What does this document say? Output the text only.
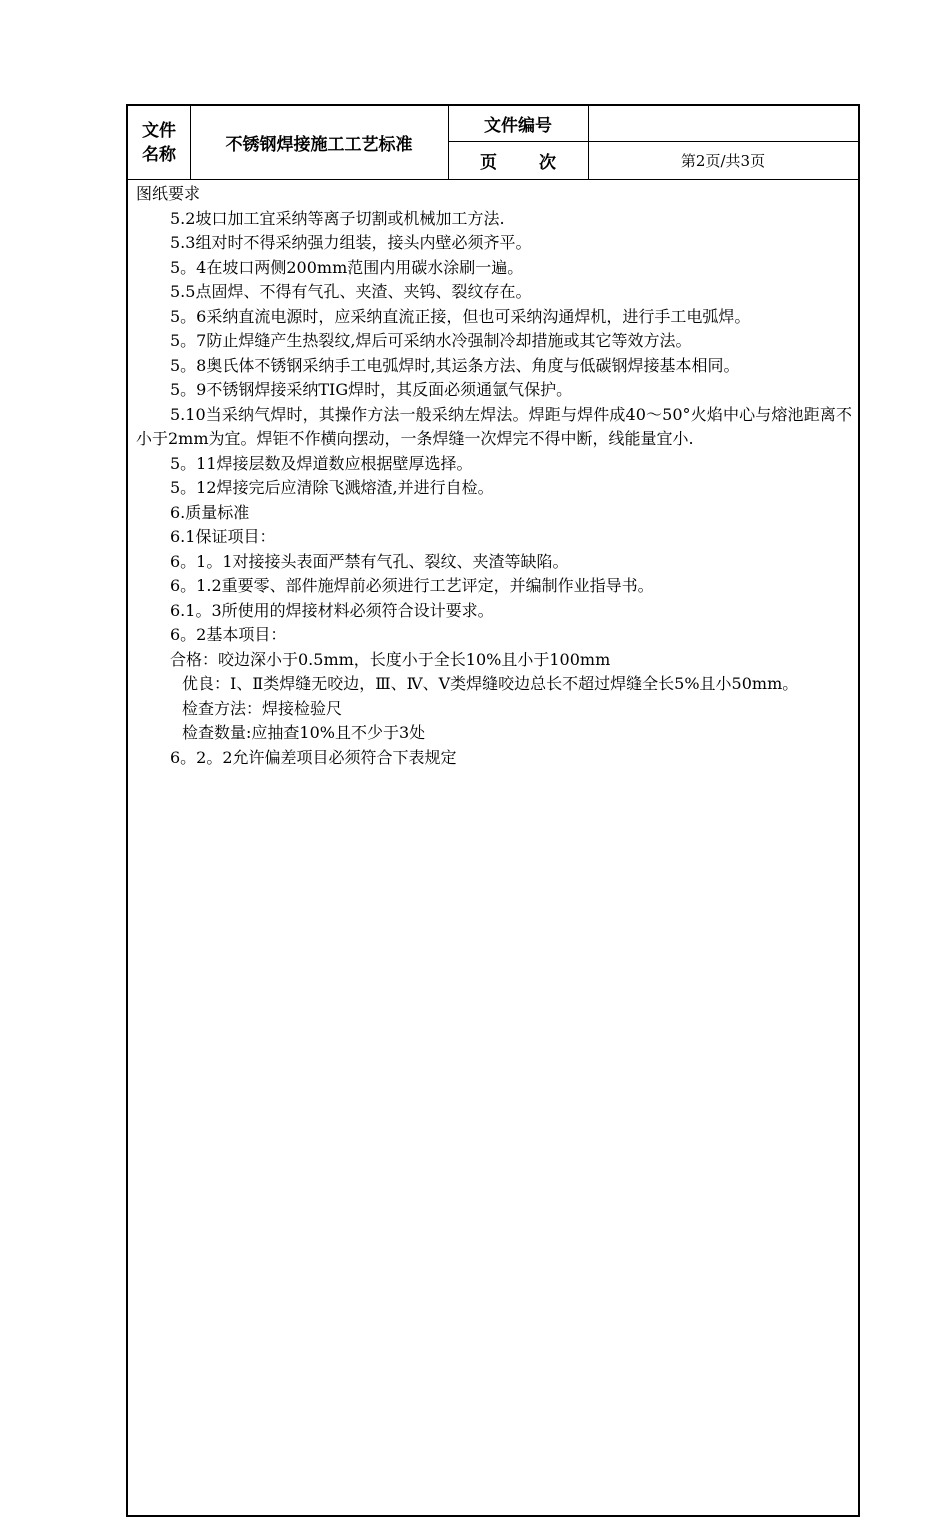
文件
名称	不锈钢焊接施工工艺标准
文件编号
页 次	第2页/共3页

图纸要求

5.2坡口加工宜采纳等离子切割或机械加工方法.

5.3组对时不得采纳强力组装，接头内壁必须齐平。

5。4在坡口两侧200mm范围内用碳水涂刷一遍。

5.5点固焊、不得有气孔、夹渣、夹钨、裂纹存在。

5。6采纳直流电源时，应采纳直流正接，但也可采纳沟通焊机，进行手工电弧焊。

5。7防止焊缝产生热裂纹,焊后可采纳水冷强制冷却措施或其它等效方法。

5。8奥氏体不锈钢采纳手工电弧焊时,其运条方法、角度与低碳钢焊接基本相同。

5。9不锈钢焊接采纳TIG焊时，其反面必须通氩气保护。

5.10当采纳气焊时，其操作方法一般采纳左焊法。焊距与焊件成40～50°火焰中心与熔池距离不小于2mm为宜。焊钜不作横向摆动，一条焊缝一次焊完不得中断，线能量宜小.

5。11焊接层数及焊道数应根据壁厚选择。

5。12焊接完后应清除飞溅熔渣,并进行自检。

6.质量标准

6.1保证项目：

6。1。1对接接头表面严禁有气孔、裂纹、夹渣等缺陷。

6。1.2重要零、部件施焊前必须进行工艺评定，并编制作业指导书。

6.1。3所使用的焊接材料必须符合设计要求。

6。2基本项目：

合格：咬边深小于0.5mm，长度小于全长10%且小于100mm

优良：Ⅰ、Ⅱ类焊缝无咬边，Ⅲ、Ⅳ、Ⅴ类焊缝咬边总长不超过焊缝全长5%且小50mm。

检查方法：焊接检验尺

检查数量:应抽查10%且不少于3处

6。2。2允许偏差项目必须符合下表规定
